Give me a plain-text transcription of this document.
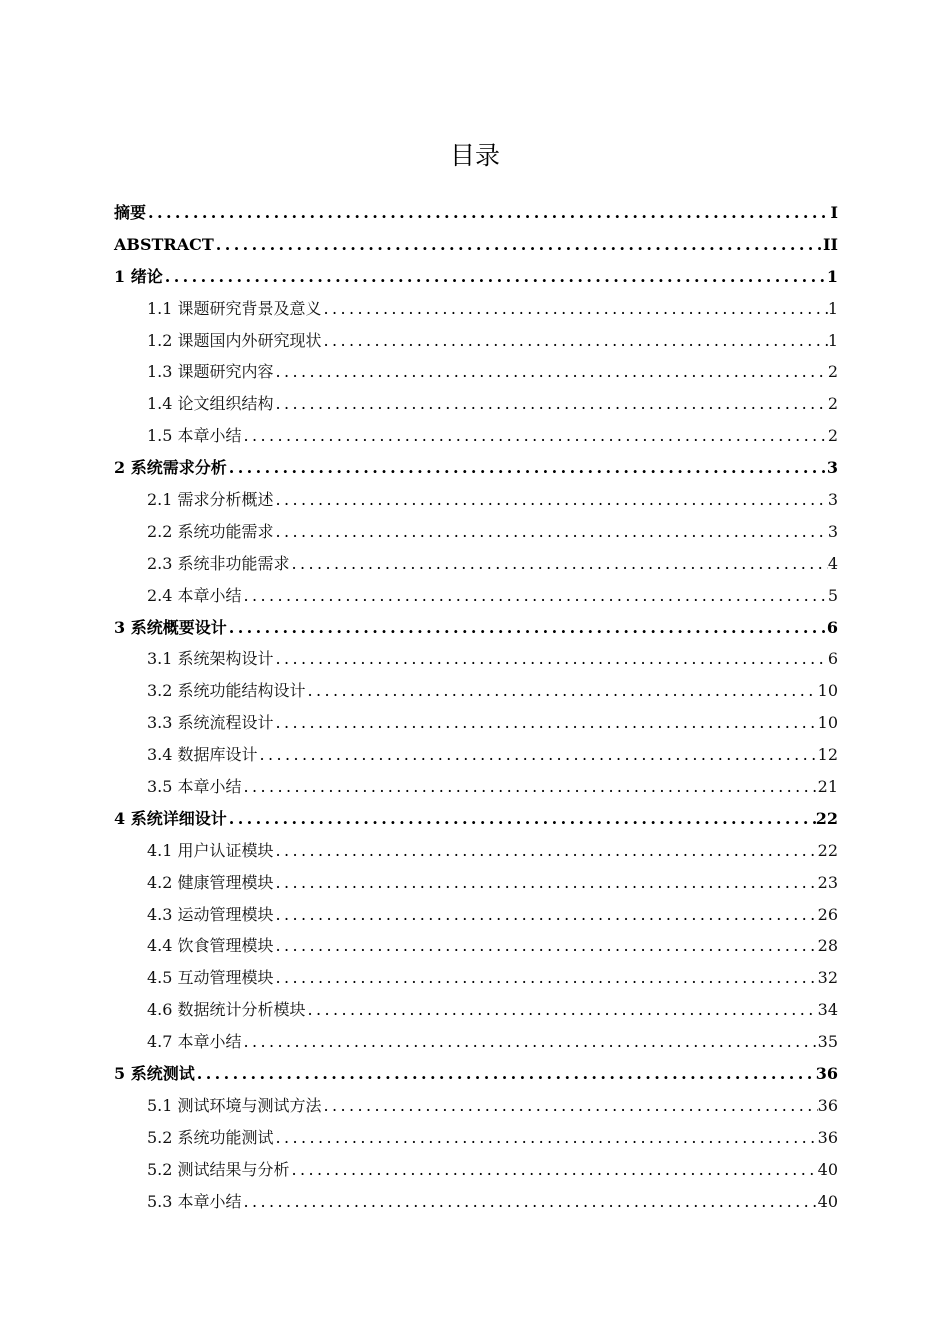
目录
摘要 .....	I
ABSTRACT .....	II
1 绪论 .....	1
1.1 课题研究背景及意义 .....	1
1.2 课题国内外研究现状 .....	1
1.3 课题研究内容 .....	2
1.4 论文组织结构 .....	2
1.5 本章小结 .....	2
2 系统需求分析 .....	3
2.1 需求分析概述 .....	3
2.2 系统功能需求 .....	3
2.3 系统非功能需求 .....	4
2.4 本章小结 .....	5
3 系统概要设计 .....	6
3.1 系统架构设计 .....	6
3.2 系统功能结构设计 .....	10
3.3 系统流程设计 .....	10
3.4 数据库设计 .....	12
3.5 本章小结 .....	21
4 系统详细设计 .....	22
4.1 用户认证模块 .....	22
4.2 健康管理模块 .....	23
4.3 运动管理模块 .....	26
4.4 饮食管理模块 .....	28
4.5 互动管理模块 .....	32
4.6 数据统计分析模块 .....	34
4.7 本章小结 .....	35
5 系统测试 .....	36
5.1 测试环境与测试方法 .....	36
5.2 系统功能测试 .....	36
5.2 测试结果与分析 .....	40
5.3 本章小结 .....	40
